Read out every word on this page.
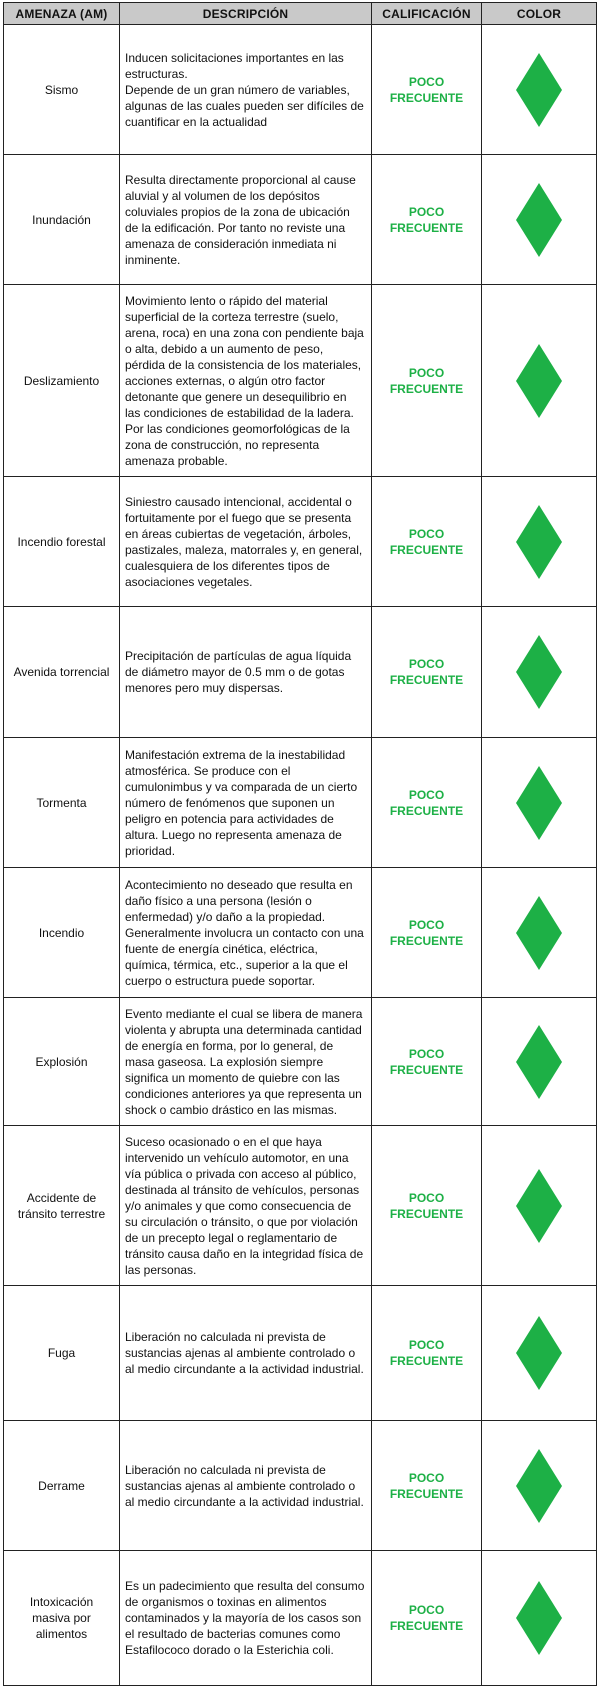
AMENAZA (AM)	DESCRIPCIÓN	CALIFICACIÓN	COLOR
Sismo	Inducen solicitaciones importantes en las estructuras.
Depende de un gran número de variables, algunas de las cuales pueden ser difíciles de cuantificar en la actualidad	POCO
FRECUENTE

Inundación	Resulta directamente proporcional al cause aluvial y al volumen de los depósitos coluviales propios de la zona de ubicación de la edificación. Por tanto no reviste una amenaza de consideración inmediata ni inminente.	POCO
FRECUENTE

Deslizamiento	Movimiento lento o rápido del material superficial de la corteza terrestre (suelo, arena, roca) en una zona con pendiente baja o alta, debido a un aumento de peso, pérdida de la consistencia de los materiales, acciones externas, o algún otro factor detonante que genere un desequilibrio en las condiciones de estabilidad de la ladera.
Por las condiciones geomorfológicas de la zona de construcción, no representa amenaza probable.	POCO
FRECUENTE

Incendio forestal	Siniestro causado intencional, accidental o fortuitamente por el fuego que se presenta en áreas cubiertas de vegetación, árboles, pastizales, maleza, matorrales y, en general, cualesquiera de los diferentes tipos de asociaciones vegetales.	POCO
FRECUENTE

Avenida torrencial	Precipitación de partículas de agua líquida de diámetro mayor de 0.5 mm o de gotas menores pero muy dispersas.	POCO
FRECUENTE

Tormenta	Manifestación extrema de la inestabilidad atmosférica. Se produce con el cumulonimbus y va comparada de un cierto número de fenómenos que suponen un peligro en potencia para actividades de altura. Luego no representa amenaza de prioridad.	POCO
FRECUENTE

Incendio	Acontecimiento no deseado que resulta en daño físico a una persona (lesión o enfermedad) y/o daño a la propiedad. Generalmente involucra un contacto con una fuente de energía cinética, eléctrica, química, térmica, etc., superior a la que el cuerpo o estructura puede soportar.	POCO
FRECUENTE

Explosión	Evento mediante el cual se libera de manera violenta y abrupta una determinada cantidad de energía en forma, por lo general, de masa gaseosa. La explosión siempre significa un momento de quiebre con las condiciones anteriores ya que representa un shock o cambio drástico en las mismas.	POCO
FRECUENTE

Accidente de tránsito terrestre	Suceso ocasionado o en el que haya intervenido un vehículo automotor, en una vía pública o privada con acceso al público, destinada al tránsito de vehículos, personas y/o animales y que como consecuencia de su circulación o tránsito, o que por violación de un precepto legal o reglamentario de tránsito causa daño en la integridad física de las personas.	POCO
FRECUENTE

Fuga	Liberación no calculada ni prevista de sustancias ajenas al ambiente controlado o al medio circundante a la actividad industrial.	POCO
FRECUENTE

Derrame	Liberación no calculada ni prevista de sustancias ajenas al ambiente controlado o al medio circundante a la actividad industrial.	POCO
FRECUENTE

Intoxicación masiva por alimentos	Es un padecimiento que resulta del consumo de organismos o toxinas en alimentos contaminados y la mayoría de los casos son el resultado de bacterias comunes como Estafilococo dorado o la Esterichia coli.	POCO
FRECUENTE
